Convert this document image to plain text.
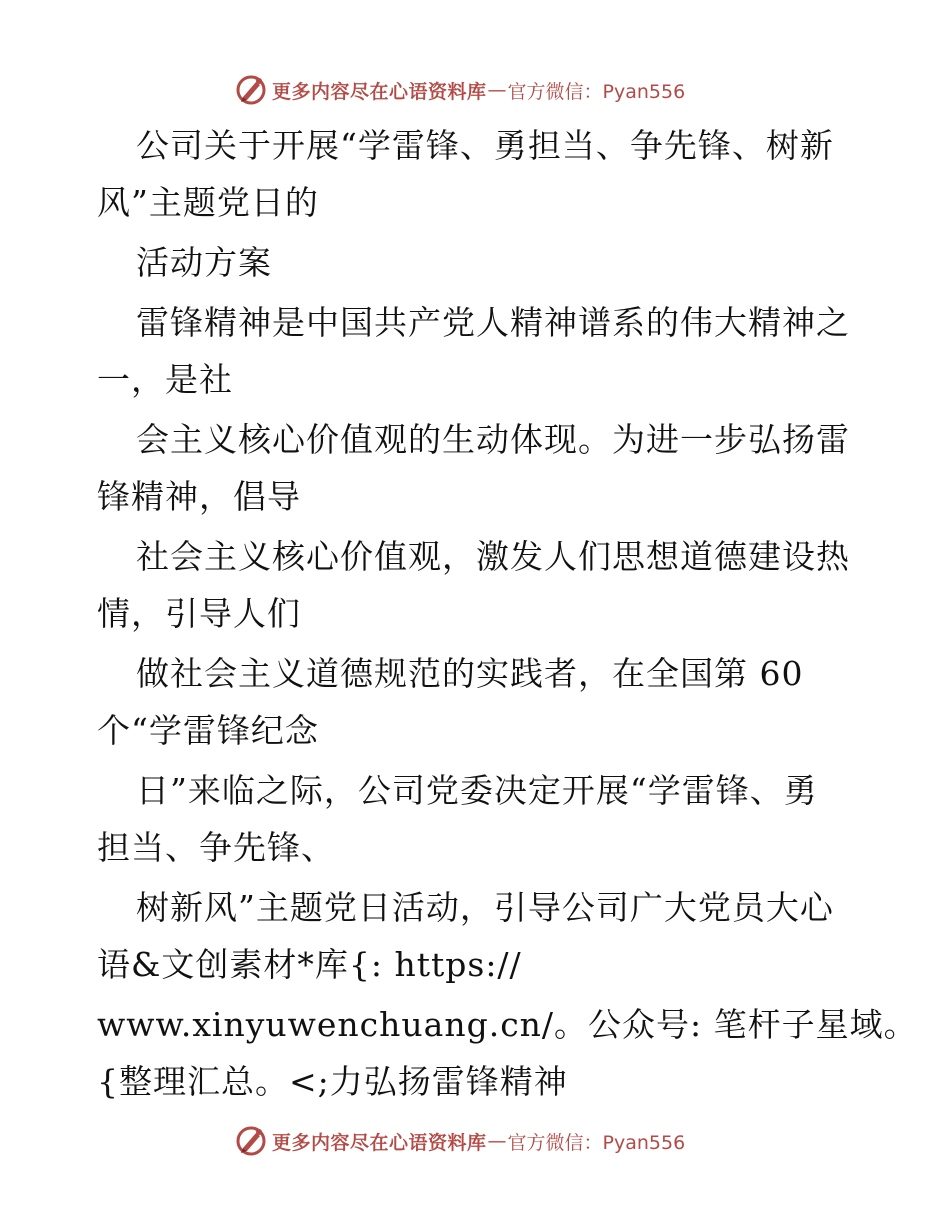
更多内容尽在心语资料库 — 官方微信：Pyan556
公司关于开展“学雷锋、勇担当、争先锋、树新
风”主题党日的
活动方案
雷锋精神是中国共产党人精神谱系的伟大精神之
一，是社
会主义核心价值观的生动体现。为进一步弘扬雷
锋精神，倡导
社会主义核心价值观，激发人们思想道德建设热
情，引导人们
做社会主义道德规范的实践者，在全国第 60
个“学雷锋纪念
日”来临之际，公司党委决定开展“学雷锋、勇
担当、争先锋、
树新风”主题党日活动，引导公司广大党员大心
语&文创素材*库{: https://
www.xinyuwenchuang.cn/。公众号: 笔杆子星域。
{整理汇总。<;力弘扬雷锋精神
更多内容尽在心语资料库 — 官方微信：Pyan556
